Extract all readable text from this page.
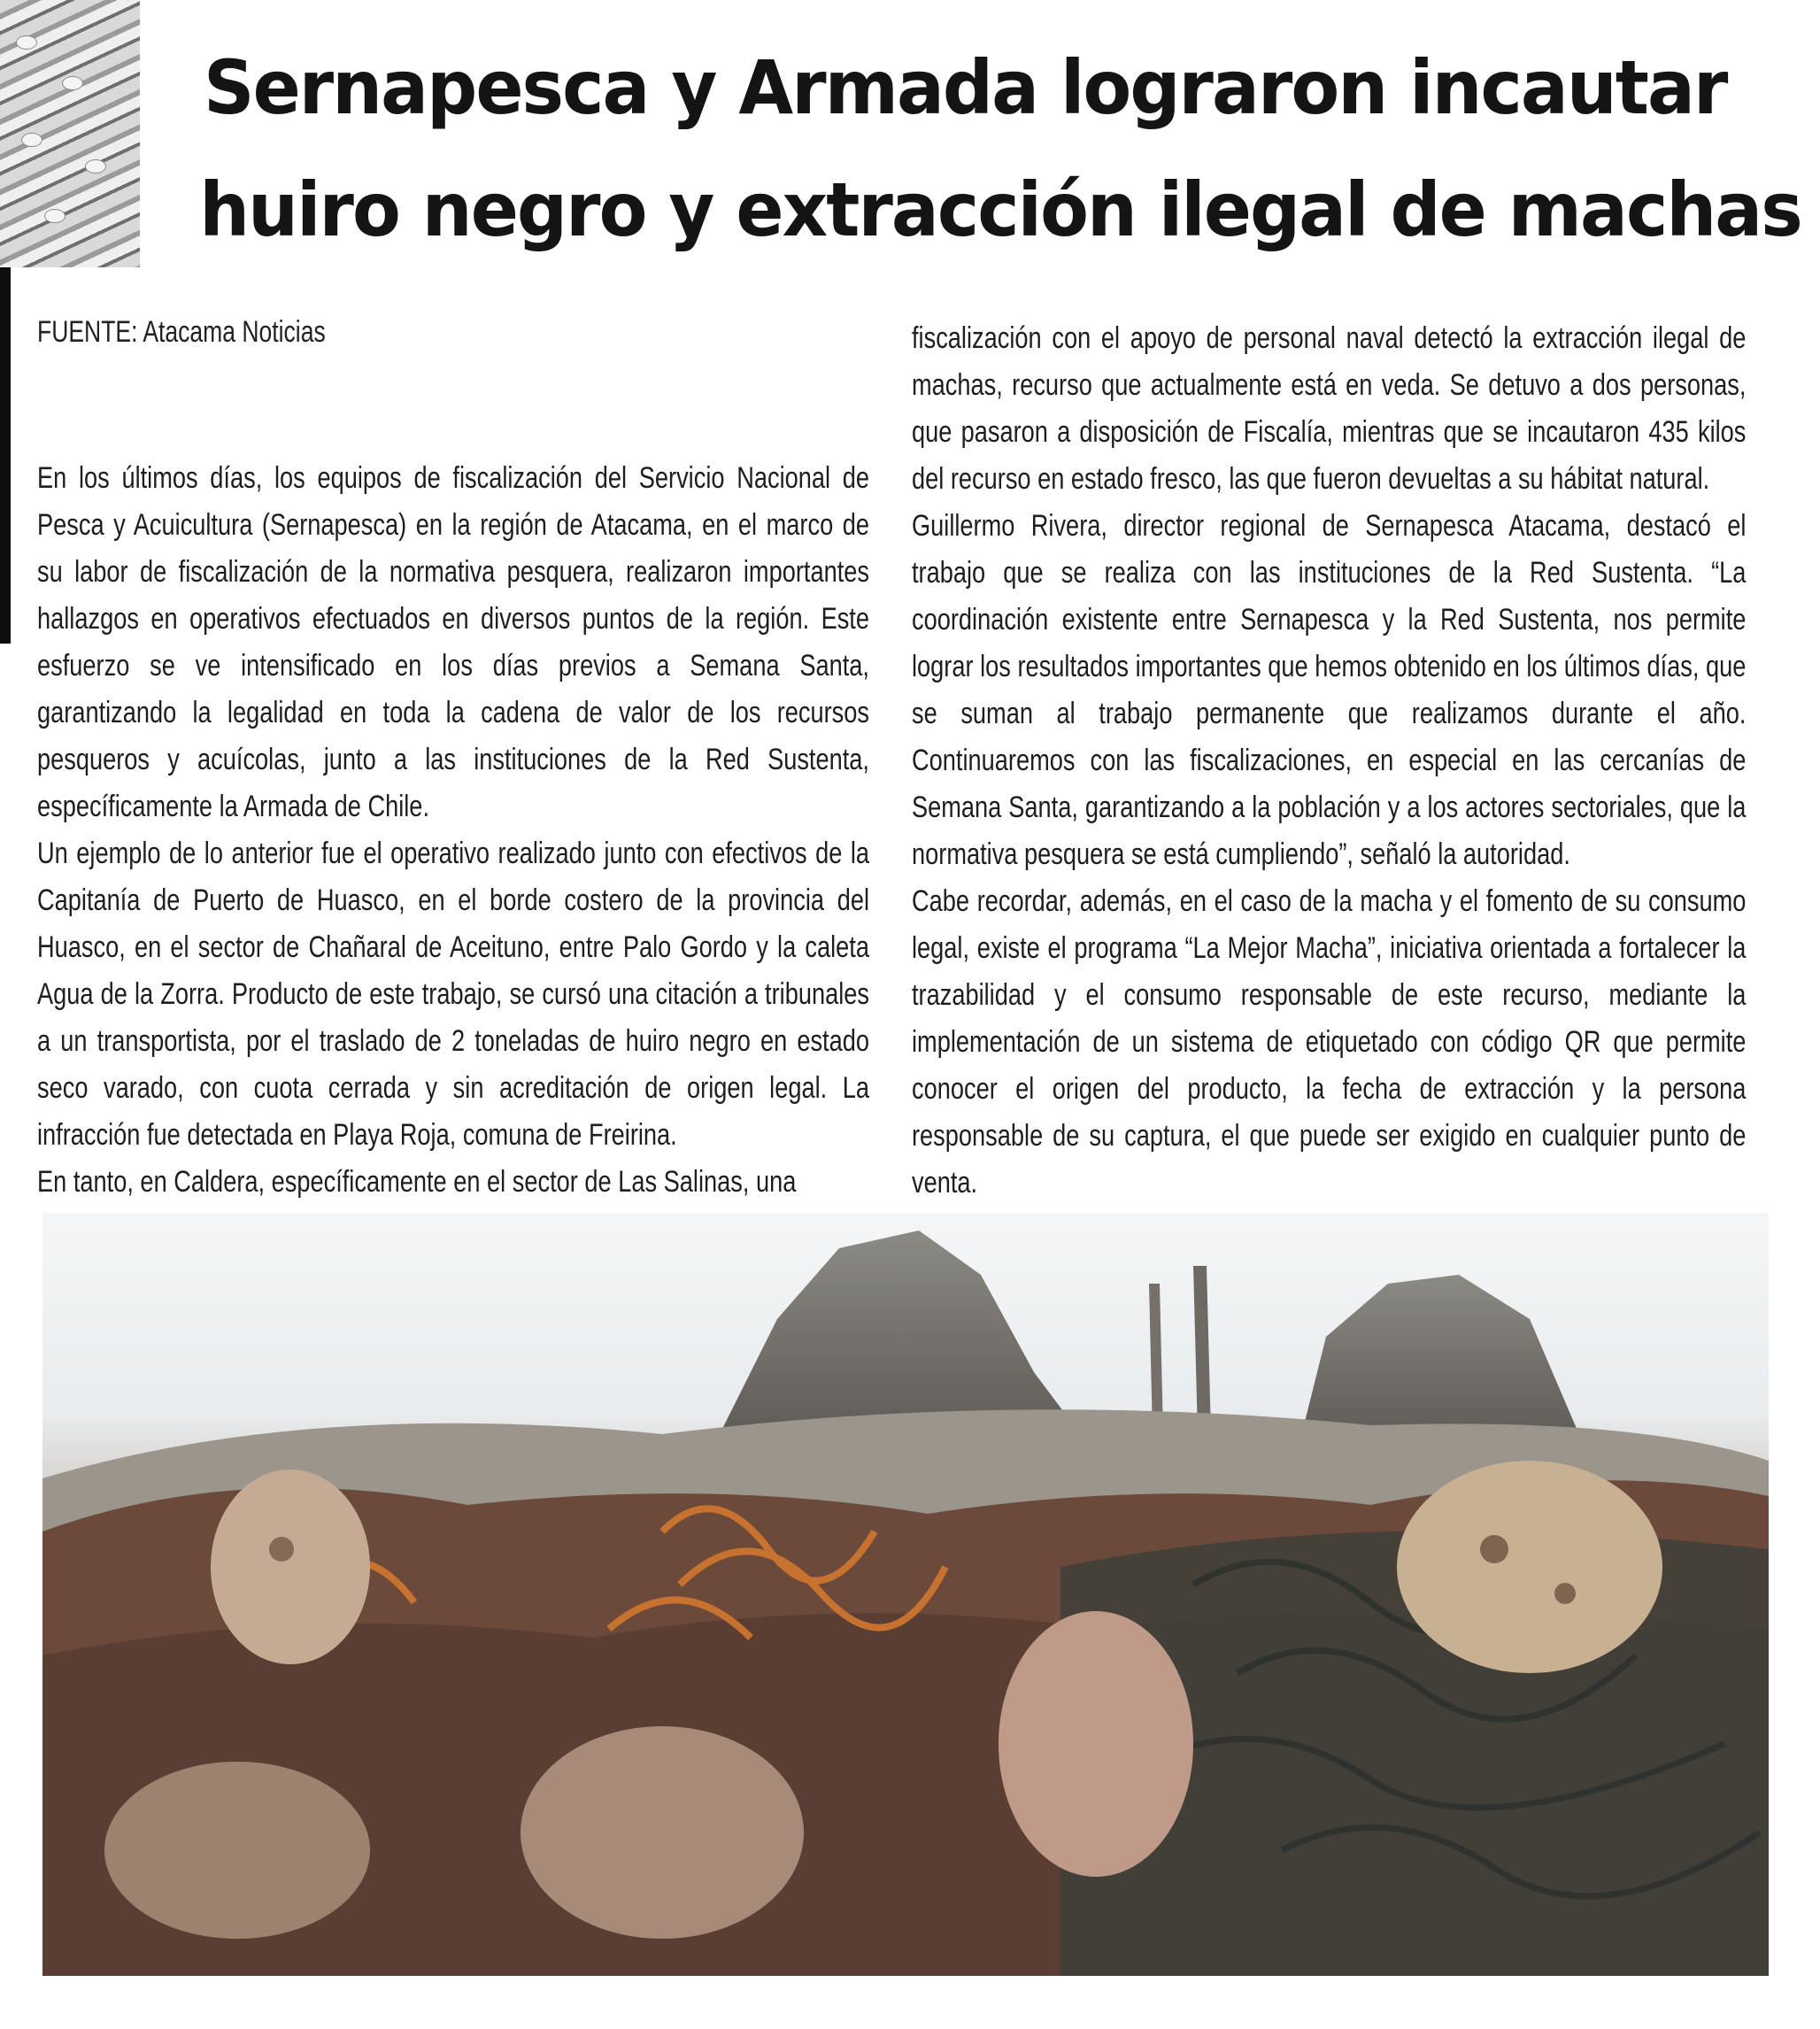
Sernapesca y Armada lograron incautar
huiro negro y extracción ilegal de machas
FUENTE: Atacama Noticias

En los últimos días, los equipos de fiscalización del Servicio Nacional de Pesca y Acuicultura (Sernapesca) en la región de Atacama, en el marco de su labor de fiscalización de la normativa pesquera, realizaron importantes hallazgos en operativos efectuados en diversos puntos de la región. Este esfuerzo se ve intensificado en los días previos a Semana Santa, garantizando la legalidad en toda la cadena de valor de los recursos pesqueros y acuícolas, junto a las instituciones de la Red Sustenta, específicamente la Armada de Chile.

Un ejemplo de lo anterior fue el operativo realizado junto con efectivos de la Capitanía de Puerto de Huasco, en el borde costero de la provincia del Huasco, en el sector de Chañaral de Aceituno, entre Palo Gordo y la caleta Agua de la Zorra. Producto de este trabajo, se cursó una citación a tribunales a un transportista, por el traslado de 2 toneladas de huiro negro en estado seco varado, con cuota cerrada y sin acreditación de origen legal. La infracción fue detectada en Playa Roja, comuna de Freirina.

En tanto, en Caldera, específicamente en el sector de Las Salinas, una

fiscalización con el apoyo de personal naval detectó la extracción ilegal de machas, recurso que actualmente está en veda. Se detuvo a dos personas, que pasaron a disposición de Fiscalía, mientras que se incautaron 435 kilos del recurso en estado fresco, las que fueron devueltas a su hábitat natural.

Guillermo Rivera, director regional de Sernapesca Atacama, destacó el trabajo que se realiza con las instituciones de la Red Sustenta. “La coordinación existente entre Sernapesca y la Red Sustenta, nos permite lograr los resultados importantes que hemos obtenido en los últimos días, que se suman al trabajo permanente que realizamos durante el año. Continuaremos con las fiscalizaciones, en especial en las cercanías de Semana Santa, garantizando a la población y a los actores sectoriales, que la normativa pesquera se está cumpliendo”, señaló la autoridad.

Cabe recordar, además, en el caso de la macha y el fomento de su consumo legal, existe el programa “La Mejor Macha”, iniciativa orientada a fortalecer la trazabilidad y el consumo responsable de este recurso, mediante la implementación de un sistema de etiquetado con código QR que permite conocer el origen del producto, la fecha de extracción y la persona responsable de su captura, el que puede ser exigido en cualquier punto de venta.
